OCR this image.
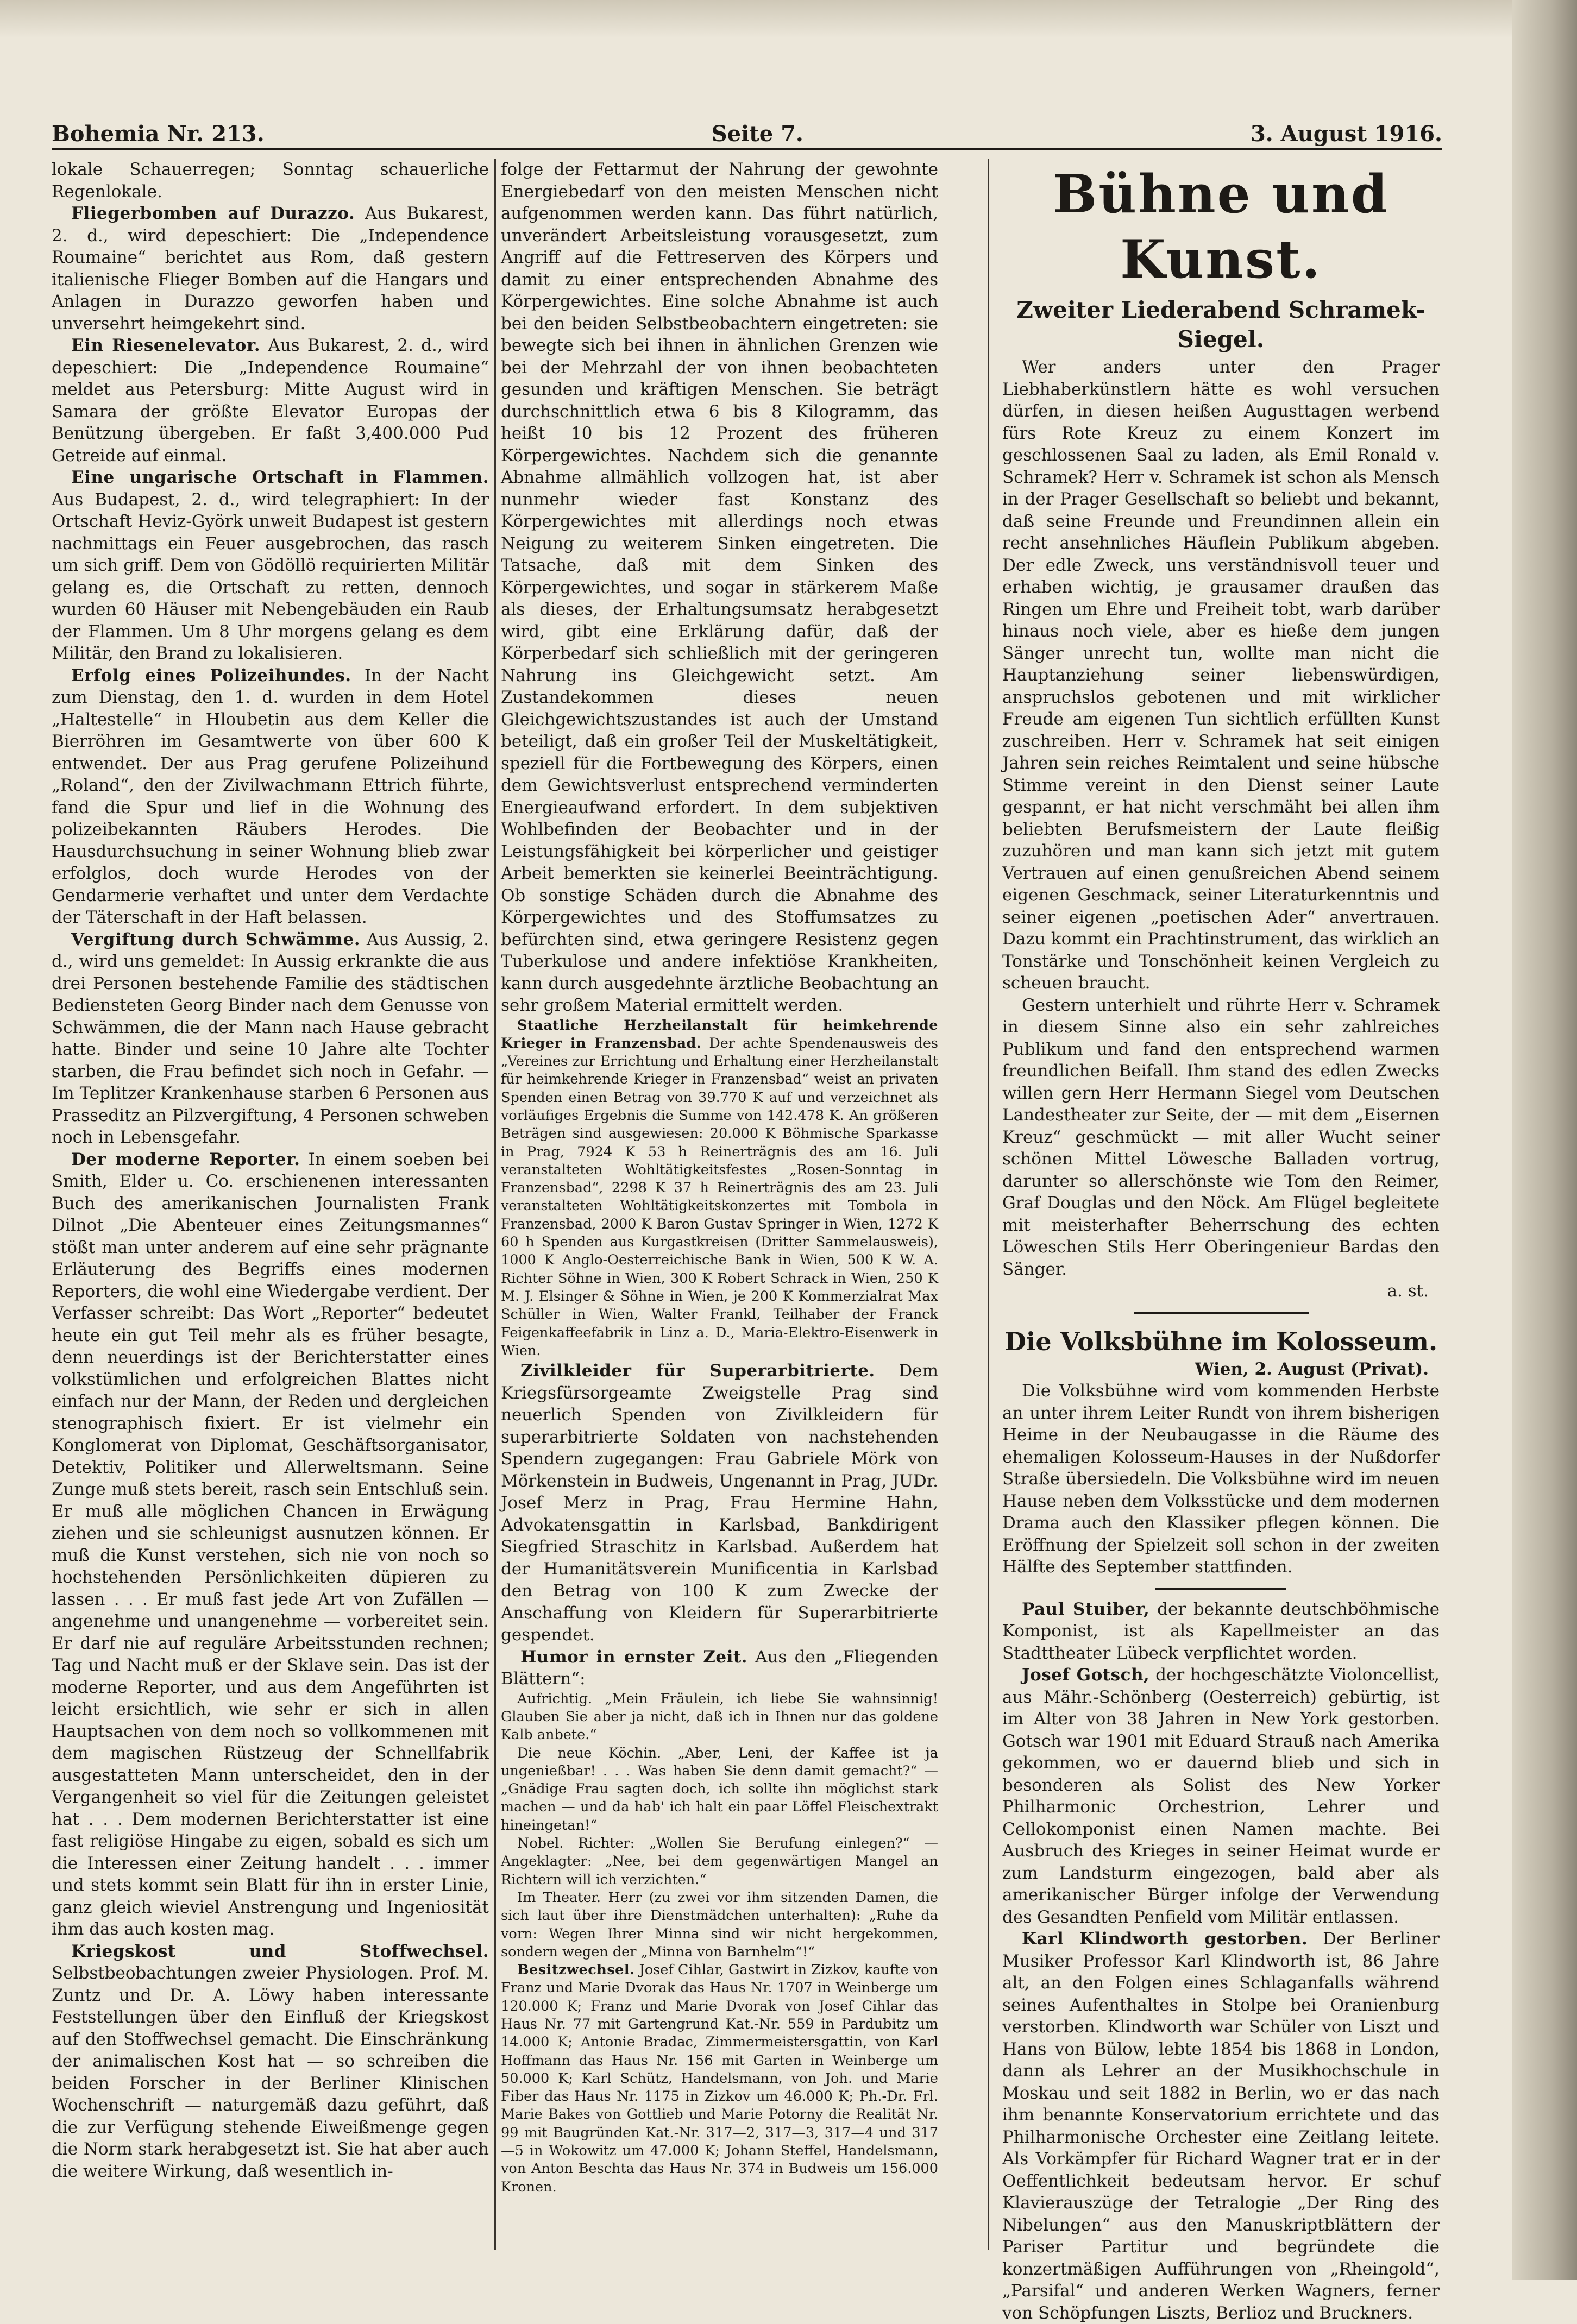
Bohemia Nr. 213.	Seite 7.	3. August 1916.

lokale Schauerregen; Sonntag schauerliche Regenlokale.

Fliegerbomben auf Durazzo. Aus Bukarest, 2. d., wird depeschiert: Die „Independence Roumaine“ berichtet aus Rom, daß gestern italienische Flieger Bomben auf die Hangars und Anlagen in Durazzo geworfen haben und unversehrt heimgekehrt sind.

Ein Riesenelevator. Aus Bukarest, 2. d., wird depeschiert: Die „Independence Roumaine“ meldet aus Petersburg: Mitte August wird in Samara der größte Elevator Europas der Benützung übergeben. Er faßt 3,400.000 Pud Getreide auf einmal.

Eine ungarische Ortschaft in Flammen. Aus Budapest, 2. d., wird telegraphiert: In der Ortschaft Heviz-Györk unweit Budapest ist gestern nachmittags ein Feuer ausgebrochen, das rasch um sich griff. Dem von Gödöllö requirierten Militär gelang es, die Ortschaft zu retten, dennoch wurden 60 Häuser mit Nebengebäuden ein Raub der Flammen. Um 8 Uhr morgens gelang es dem Militär, den Brand zu lokalisieren.

Erfolg eines Polizeihundes. In der Nacht zum Dienstag, den 1. d. wurden in dem Hotel „Haltestelle“ in Hloubetin aus dem Keller die Bierröhren im Gesamtwerte von über 600 K entwendet. Der aus Prag gerufene Polizeihund „Roland“, den der Zivilwachmann Ettrich führte, fand die Spur und lief in die Wohnung des polizeibekannten Räubers Herodes. Die Hausdurchsuchung in seiner Wohnung blieb zwar erfolglos, doch wurde Herodes von der Gendarmerie verhaftet und unter dem Verdachte der Täterschaft in der Haft belassen.

Vergiftung durch Schwämme. Aus Aussig, 2. d., wird uns gemeldet: In Aussig erkrankte die aus drei Personen bestehende Familie des städtischen Bediensteten Georg Binder nach dem Genusse von Schwämmen, die der Mann nach Hause gebracht hatte. Binder und seine 10 Jahre alte Tochter starben, die Frau befindet sich noch in Gefahr. — Im Teplitzer Krankenhause starben 6 Personen aus Prasseditz an Pilzvergiftung, 4 Personen schweben noch in Lebensgefahr.

Der moderne Reporter. In einem soeben bei Smith, Elder u. Co. erschienenen interessanten Buch des amerikanischen Journalisten Frank Dilnot „Die Abenteuer eines Zeitungsmannes“ stößt man unter anderem auf eine sehr prägnante Erläuterung des Begriffs eines modernen Reporters, die wohl eine Wiedergabe verdient. Der Verfasser schreibt: Das Wort „Reporter“ bedeutet heute ein gut Teil mehr als es früher besagte, denn neuerdings ist der Berichterstatter eines volkstümlichen und erfolgreichen Blattes nicht einfach nur der Mann, der Reden und dergleichen stenographisch fixiert. Er ist vielmehr ein Konglomerat von Diplomat, Geschäftsorganisator, Detektiv, Politiker und Allerweltsmann. Seine Zunge muß stets bereit, rasch sein Entschluß sein. Er muß alle möglichen Chancen in Erwägung ziehen und sie schleunigst ausnutzen können. Er muß die Kunst verstehen, sich nie von noch so hochstehenden Persönlichkeiten düpieren zu lassen . . . Er muß fast jede Art von Zufällen — angenehme und unangenehme — vorbereitet sein. Er darf nie auf reguläre Arbeitsstunden rechnen; Tag und Nacht muß er der Sklave sein. Das ist der moderne Reporter, und aus dem Angeführten ist leicht ersichtlich, wie sehr er sich in allen Hauptsachen von dem noch so vollkommenen mit dem magischen Rüstzeug der Schnellfabrik ausgestatteten Mann unterscheidet, den in der Vergangenheit so viel für die Zeitungen geleistet hat . . . Dem modernen Berichterstatter ist eine fast religiöse Hingabe zu eigen, sobald es sich um die Interessen einer Zeitung handelt . . . immer und stets kommt sein Blatt für ihn in erster Linie, ganz gleich wieviel Anstrengung und Ingeniosität ihm das auch kosten mag.

Kriegskost und Stoffwechsel. Selbstbeobachtungen zweier Physiologen. Prof. M. Zuntz und Dr. A. Löwy haben interessante Feststellungen über den Einfluß der Kriegskost auf den Stoffwechsel gemacht. Die Einschränkung der animalischen Kost hat — so schreiben die beiden Forscher in der Berliner Klinischen Wochenschrift — naturgemäß dazu geführt, daß die zur Verfügung stehende Eiweißmenge gegen die Norm stark herabgesetzt ist. Sie hat aber auch die weitere Wirkung, daß wesentlich in-

folge der Fettarmut der Nahrung der gewohnte Energiebedarf von den meisten Menschen nicht aufgenommen werden kann. Das führt natürlich, unverändert Arbeitsleistung vorausgesetzt, zum Angriff auf die Fettreserven des Körpers und damit zu einer entsprechenden Abnahme des Körpergewichtes. Eine solche Abnahme ist auch bei den beiden Selbstbeobachtern eingetreten: sie bewegte sich bei ihnen in ähnlichen Grenzen wie bei der Mehrzahl der von ihnen beobachteten gesunden und kräftigen Menschen. Sie beträgt durchschnittlich etwa 6 bis 8 Kilogramm, das heißt 10 bis 12 Prozent des früheren Körpergewichtes. Nachdem sich die genannte Abnahme allmählich vollzogen hat, ist aber nunmehr wieder fast Konstanz des Körpergewichtes mit allerdings noch etwas Neigung zu weiterem Sinken eingetreten. Die Tatsache, daß mit dem Sinken des Körpergewichtes, und sogar in stärkerem Maße als dieses, der Erhaltungsumsatz herabgesetzt wird, gibt eine Erklärung dafür, daß der Körperbedarf sich schließlich mit der geringeren Nahrung ins Gleichgewicht setzt. Am Zustandekommen dieses neuen Gleichgewichtszustandes ist auch der Umstand beteiligt, daß ein großer Teil der Muskeltätigkeit, speziell für die Fortbewegung des Körpers, einen dem Gewichtsverlust entsprechend verminderten Energieaufwand erfordert. In dem subjektiven Wohlbefinden der Beobachter und in der Leistungsfähigkeit bei körperlicher und geistiger Arbeit bemerkten sie keinerlei Beeinträchtigung. Ob sonstige Schäden durch die Abnahme des Körpergewichtes und des Stoffumsatzes zu befürchten sind, etwa geringere Resistenz gegen Tuberkulose und andere infektiöse Krankheiten, kann durch ausgedehnte ärztliche Beobachtung an sehr großem Material ermittelt werden.

Staatliche Herzheilanstalt für heimkehrende Krieger in Franzensbad. Der achte Spendenausweis des „Vereines zur Errichtung und Erhaltung einer Herzheilanstalt für heimkehrende Krieger in Franzensbad“ weist an privaten Spenden einen Betrag von 39.770 K auf und verzeichnet als vorläufiges Ergebnis die Summe von 142.478 K. An größeren Beträgen sind ausgewiesen: 20.000 K Böhmische Sparkasse in Prag, 7924 K 53 h Reinerträgnis des am 16. Juli veranstalteten Wohltätigkeitsfestes „Rosen-Sonntag in Franzensbad“, 2298 K 37 h Reinerträgnis des am 23. Juli veranstalteten Wohltätigkeitskonzertes mit Tombola in Franzensbad, 2000 K Baron Gustav Springer in Wien, 1272 K 60 h Spenden aus Kurgastkreisen (Dritter Sammelausweis), 1000 K Anglo-Oesterreichische Bank in Wien, 500 K W. A. Richter Söhne in Wien, 300 K Robert Schrack in Wien, 250 K M. J. Elsinger & Söhne in Wien, je 200 K Kommerzialrat Max Schüller in Wien, Walter Frankl, Teilhaber der Franck Feigenkaffeefabrik in Linz a. D., Maria-Elektro-Eisenwerk in Wien.

Zivilkleider für Superarbitrierte. Dem Kriegsfürsorgeamte Zweigstelle Prag sind neuerlich Spenden von Zivilkleidern für superarbitrierte Soldaten von nachstehenden Spendern zugegangen: Frau Gabriele Mörk von Mörkenstein in Budweis, Ungenannt in Prag, JUDr. Josef Merz in Prag, Frau Hermine Hahn, Advokatensgattin in Karlsbad, Bankdirigent Siegfried Straschitz in Karlsbad. Außerdem hat der Humanitätsverein Munificentia in Karlsbad den Betrag von 100 K zum Zwecke der Anschaffung von Kleidern für Superarbitrierte gespendet.

Humor in ernster Zeit. Aus den „Fliegenden Blättern“:

Aufrichtig. „Mein Fräulein, ich liebe Sie wahnsinnig! Glauben Sie aber ja nicht, daß ich in Ihnen nur das goldene Kalb anbete.“

Die neue Köchin. „Aber, Leni, der Kaffee ist ja ungenießbar! . . . Was haben Sie denn damit gemacht?“ — „Gnädige Frau sagten doch, ich sollte ihn möglichst stark machen — und da hab' ich halt ein paar Löffel Fleischextrakt hineingetan!“

Nobel. Richter: „Wollen Sie Berufung einlegen?“ — Angeklagter: „Nee, bei dem gegenwärtigen Mangel an Richtern will ich verzichten.“

Im Theater. Herr (zu zwei vor ihm sitzenden Damen, die sich laut über ihre Dienstmädchen unterhalten): „Ruhe da vorn: Wegen Ihrer Minna sind wir nicht hergekommen, sondern wegen der „Minna von Barnhelm“!“

Besitzwechsel. Josef Cihlar, Gastwirt in Zizkov, kaufte von Franz und Marie Dvorak das Haus Nr. 1707 in Weinberge um 120.000 K; Franz und Marie Dvorak von Josef Cihlar das Haus Nr. 77 mit Gartengrund Kat.-Nr. 559 in Pardubitz um 14.000 K; Antonie Bradac, Zimmermeistersgattin, von Karl Hoffmann das Haus Nr. 156 mit Garten in Weinberge um 50.000 K; Karl Schütz, Handelsmann, von Joh. und Marie Fiber das Haus Nr. 1175 in Zizkov um 46.000 K; Ph.-Dr. Frl. Marie Bakes von Gottlieb und Marie Potorny die Realität Nr. 99 mit Baugründen Kat.-Nr. 317—2, 317—3, 317—4 und 317—5 in Wokowitz um 47.000 K; Johann Steffel, Handelsmann, von Anton Beschta das Haus Nr. 374 in Budweis um 156.000 Kronen.

Bühne und Kunst.
Zweiter Liederabend Schramek-Siegel.

Wer anders unter den Prager Liebhaberkünstlern hätte es wohl versuchen dürfen, in diesen heißen Augusttagen werbend fürs Rote Kreuz zu einem Konzert im geschlossenen Saal zu laden, als Emil Ronald v. Schramek? Herr v. Schramek ist schon als Mensch in der Prager Gesellschaft so beliebt und bekannt, daß seine Freunde und Freundinnen allein ein recht ansehnliches Häuflein Publikum abgeben. Der edle Zweck, uns verständnisvoll teuer und erhaben wichtig, je grausamer draußen das Ringen um Ehre und Freiheit tobt, warb darüber hinaus noch viele, aber es hieße dem jungen Sänger unrecht tun, wollte man nicht die Hauptanziehung seiner liebenswürdigen, anspruchslos gebotenen und mit wirklicher Freude am eigenen Tun sichtlich erfüllten Kunst zuschreiben. Herr v. Schramek hat seit einigen Jahren sein reiches Reimtalent und seine hübsche Stimme vereint in den Dienst seiner Laute gespannt, er hat nicht verschmäht bei allen ihm beliebten Berufsmeistern der Laute fleißig zuzuhören und man kann sich jetzt mit gutem Vertrauen auf einen genußreichen Abend seinem eigenen Geschmack, seiner Literaturkenntnis und seiner eigenen „poetischen Ader“ anvertrauen. Dazu kommt ein Prachtinstrument, das wirklich an Tonstärke und Tonschönheit keinen Vergleich zu scheuen braucht.

Gestern unterhielt und rührte Herr v. Schramek in diesem Sinne also ein sehr zahlreiches Publikum und fand den entsprechend warmen freundlichen Beifall. Ihm stand des edlen Zwecks willen gern Herr Hermann Siegel vom Deutschen Landestheater zur Seite, der — mit dem „Eisernen Kreuz“ geschmückt — mit aller Wucht seiner schönen Mittel Löwesche Balladen vortrug, darunter so allerschönste wie Tom den Reimer, Graf Douglas und den Nöck. Am Flügel begleitete mit meisterhafter Beherrschung des echten Löweschen Stils Herr Oberingenieur Bardas den Sänger.

a. st.

Die Volksbühne im Kolosseum.

Wien, 2. August (Privat).

Die Volksbühne wird vom kommenden Herbste an unter ihrem Leiter Rundt von ihrem bisherigen Heime in der Neubaugasse in die Räume des ehemaligen Kolosseum-Hauses in der Nußdorfer Straße übersiedeln. Die Volksbühne wird im neuen Hause neben dem Volksstücke und dem modernen Drama auch den Klassiker pflegen können. Die Eröffnung der Spielzeit soll schon in der zweiten Hälfte des September stattfinden.

Paul Stuiber, der bekannte deutschböhmische Komponist, ist als Kapellmeister an das Stadttheater Lübeck verpflichtet worden.

Josef Gotsch, der hochgeschätzte Violoncellist, aus Mähr.-Schönberg (Oesterreich) gebürtig, ist im Alter von 38 Jahren in New York gestorben. Gotsch war 1901 mit Eduard Strauß nach Amerika gekommen, wo er dauernd blieb und sich in besonderen als Solist des New Yorker Philharmonic Orchestrion, Lehrer und Cellokomponist einen Namen machte. Bei Ausbruch des Krieges in seiner Heimat wurde er zum Landsturm eingezogen, bald aber als amerikanischer Bürger infolge der Verwendung des Gesandten Penfield vom Militär entlassen.

Karl Klindworth gestorben. Der Berliner Musiker Professor Karl Klindworth ist, 86 Jahre alt, an den Folgen eines Schlaganfalls während seines Aufenthaltes in Stolpe bei Oranienburg verstorben. Klindworth war Schüler von Liszt und Hans von Bülow, lebte 1854 bis 1868 in London, dann als Lehrer an der Musikhochschule in Moskau und seit 1882 in Berlin, wo er das nach ihm benannte Konservatorium errichtete und das Philharmonische Orchester eine Zeitlang leitete. Als Vorkämpfer für Richard Wagner trat er in der Oeffentlichkeit bedeutsam hervor. Er schuf Klavierauszüge der Tetralogie „Der Ring des Nibelungen“ aus den Manuskriptblättern der Pariser Partitur und begründete die konzertmäßigen Aufführungen von „Rheingold“, „Parsifal“ und anderen Werken Wagners, ferner von Schöpfungen Liszts, Berlioz und Bruckners.
